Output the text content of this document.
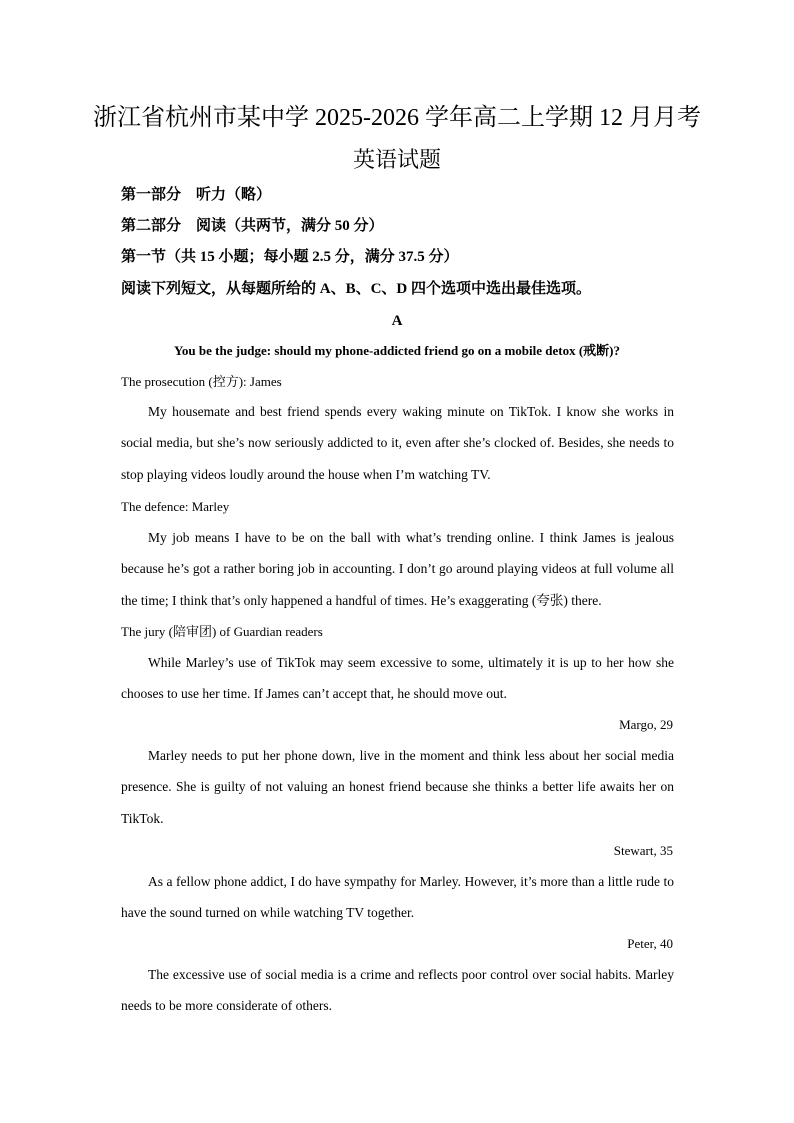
浙江省杭州市某中学 2025-2026 学年高二上学期 12 月月考
英语试题
第一部分　听力（略）
第二部分　阅读（共两节，满分 50 分）
第一节（共 15 小题；每小题 2.5 分，满分 37.5 分）
阅读下列短文，从每题所给的 A、B、C、D 四个选项中选出最佳选项。
A
You be the judge: should my phone-addicted friend go on a mobile detox (戒断)?
The prosecution (控方): James
My housemate and best friend spends every waking minute on TikTok. I know she works in social media, but she’s now seriously addicted to it, even after she’s clocked of. Besides, she needs to stop playing videos loudly around the house when I’m watching TV.
The defence: Marley
My job means I have to be on the ball with what’s trending online. I think James is jealous because he’s got a rather boring job in accounting. I don’t go around playing videos at full volume all the time; I think that’s only happened a handful of times. He’s exaggerating (夸张) there.
The jury (陪审团) of Guardian readers
While Marley’s use of TikTok may seem excessive to some, ultimately it is up to her how she chooses to use her time. If James can’t accept that, he should move out.
Margo, 29
Marley needs to put her phone down, live in the moment and think less about her social media presence. She is guilty of not valuing an honest friend because she thinks a better life awaits her on TikTok.
Stewart, 35
As a fellow phone addict, I do have sympathy for Marley. However, it’s more than a little rude to have the sound turned on while watching TV together.
Peter, 40
The excessive use of social media is a crime and reflects poor control over social habits. Marley needs to be more considerate of others.
